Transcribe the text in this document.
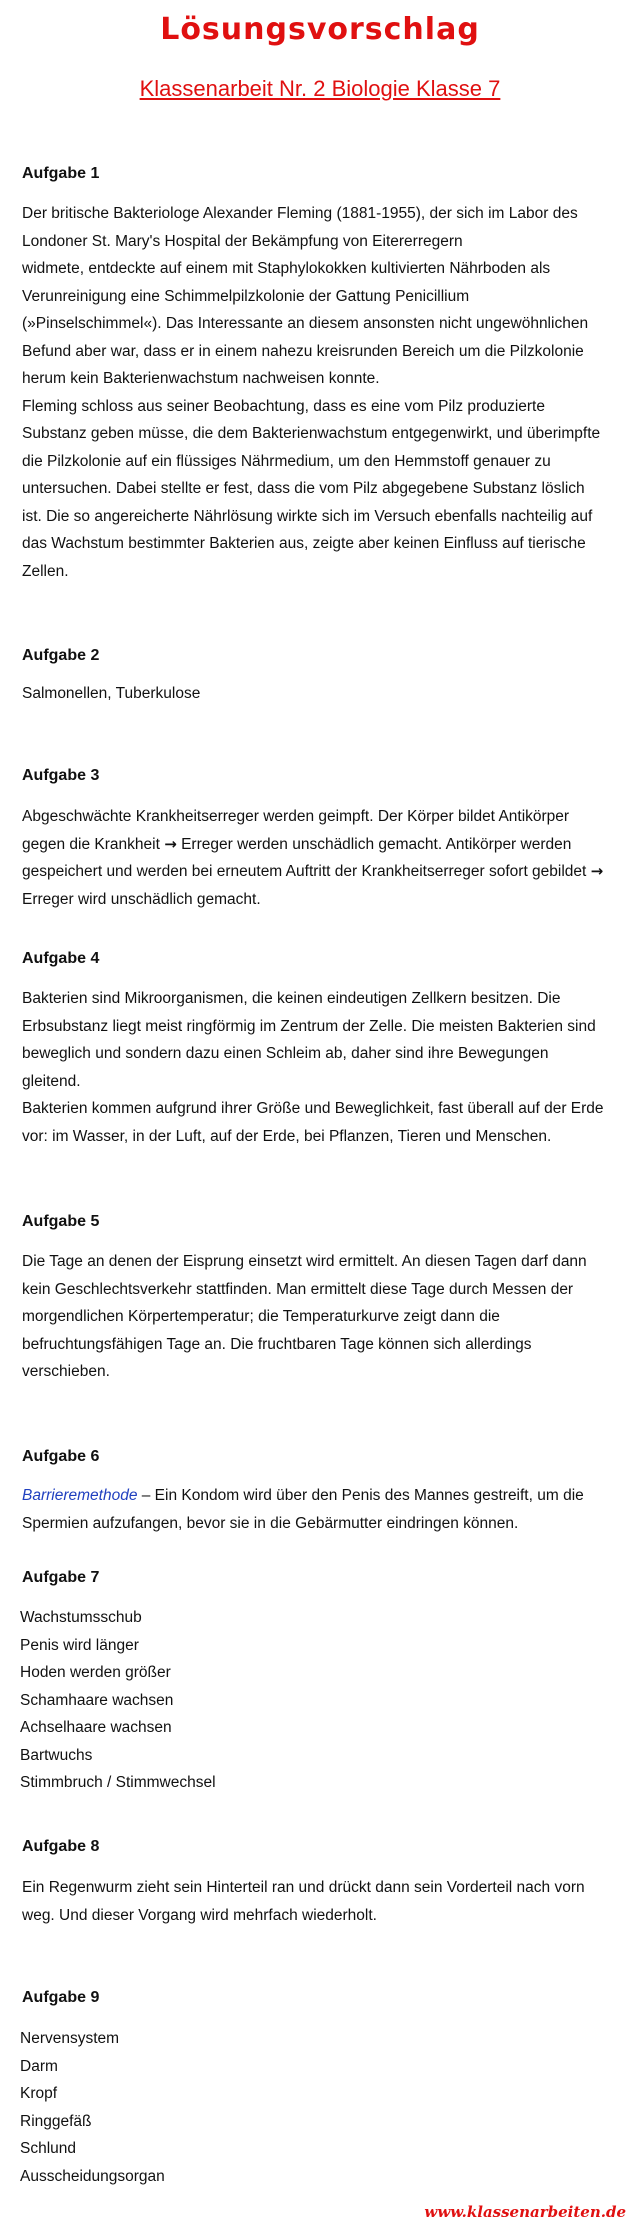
Lösungsvorschlag
Klassenarbeit Nr. 2 Biologie Klasse 7
Aufgabe 1

Der britische Bakteriologe Alexander Fleming (1881-1955), der sich im Labor des
Londoner St. Mary's Hospital der Bekämpfung von Eitererregern
widmete, entdeckte auf einem mit Staphylokokken kultivierten Nährboden als
Verunreinigung eine Schimmelpilzkolonie der Gattung Penicillium
(»Pinselschimmel«). Das Interessante an diesem ansonsten nicht ungewöhnlichen
Befund aber war, dass er in einem nahezu kreisrunden Bereich um die Pilzkolonie
herum kein Bakterienwachstum nachweisen konnte.
Fleming schloss aus seiner Beobachtung, dass es eine vom Pilz produzierte
Substanz geben müsse, die dem Bakterienwachstum entgegenwirkt, und überimpfte
die Pilzkolonie auf ein flüssiges Nährmedium, um den Hemmstoff genauer zu
untersuchen. Dabei stellte er fest, dass die vom Pilz abgegebene Substanz löslich
ist. Die so angereicherte Nährlösung wirkte sich im Versuch ebenfalls nachteilig auf
das Wachstum bestimmter Bakterien aus, zeigte aber keinen Einfluss auf tierische
Zellen.

Aufgabe 2

Salmonellen, Tuberkulose

Aufgabe 3

Abgeschwächte Krankheitserreger werden geimpft. Der Körper bildet Antikörper
gegen die Krankheit → Erreger werden unschädlich gemacht. Antikörper werden
gespeichert und werden bei erneutem Auftritt der Krankheitserreger sofort gebildet →
Erreger wird unschädlich gemacht.

Aufgabe 4

Bakterien sind Mikroorganismen, die keinen eindeutigen Zellkern besitzen. Die
Erbsubstanz liegt meist ringförmig im Zentrum der Zelle. Die meisten Bakterien sind
beweglich und sondern dazu einen Schleim ab, daher sind ihre Bewegungen
gleitend.
Bakterien kommen aufgrund ihrer Größe und Beweglichkeit, fast überall auf der Erde
vor: im Wasser, in der Luft, auf der Erde, bei Pflanzen, Tieren und Menschen.

Aufgabe 5

Die Tage an denen der Eisprung einsetzt wird ermittelt. An diesen Tagen darf dann
kein Geschlechtsverkehr stattfinden. Man ermittelt diese Tage durch Messen der
morgendlichen Körpertemperatur; die Temperaturkurve zeigt dann die
befruchtungsfähigen Tage an. Die fruchtbaren Tage können sich allerdings
verschieben.

Aufgabe 6

Barrieremethode – Ein Kondom wird über den Penis des Mannes gestreift, um die
Spermien aufzufangen, bevor sie in die Gebärmutter eindringen können.

Aufgabe 7
Wachstumsschub
Penis wird länger
Hoden werden größer
Schamhaare wachsen
Achselhaare wachsen
Bartwuchs
Stimmbruch / Stimmwechsel
Aufgabe 8

Ein Regenwurm zieht sein Hinterteil ran und drückt dann sein Vorderteil nach vorn
weg. Und dieser Vorgang wird mehrfach wiederholt.

Aufgabe 9
Nervensystem
Darm
Kropf
Ringgefäß
Schlund
Ausscheidungsorgan
www.klassenarbeiten.de
